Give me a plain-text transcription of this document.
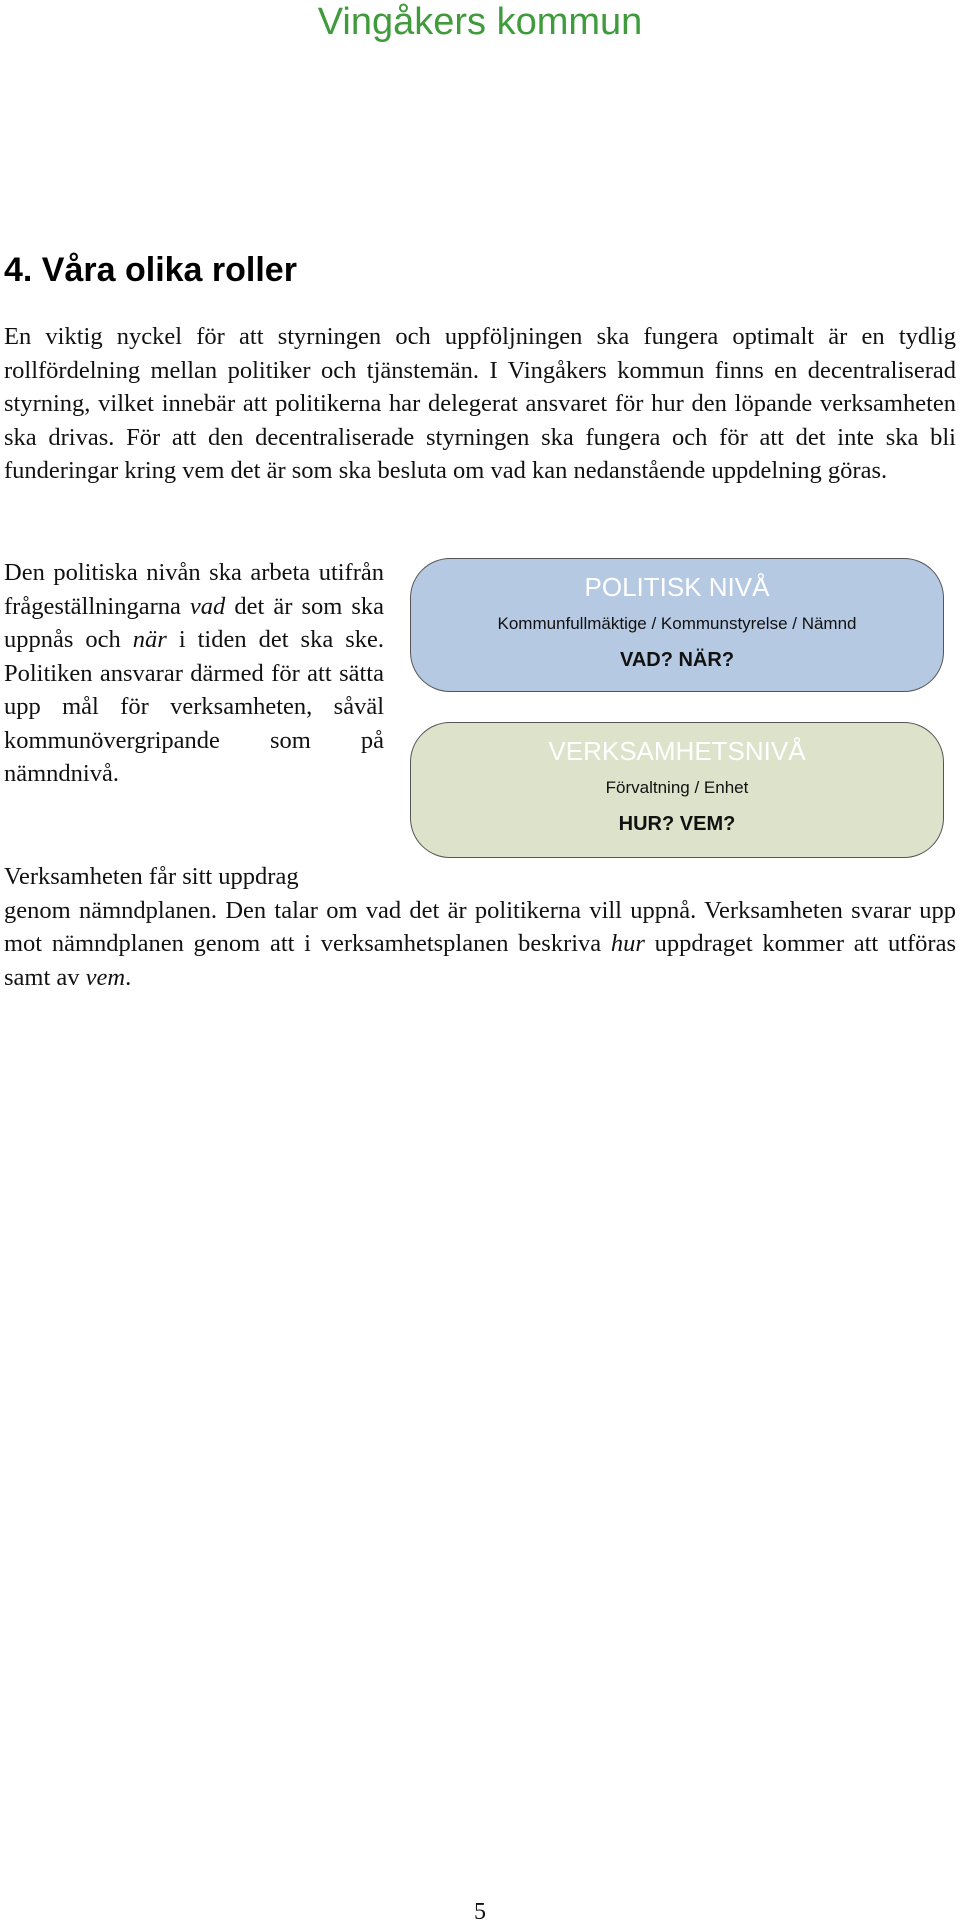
Vingåkers kommun
4. Våra olika roller

En viktig nyckel för att styrningen och uppföljningen ska fungera optimalt är en tydlig rollfördelning mellan politiker och tjänstemän. I Vingåkers kommun finns en decentraliserad styrning, vilket innebär att politikerna har delegerat ansvaret för hur den löpande verksamheten ska drivas. För att den decentraliserade styrningen ska fungera och för att det inte ska bli funderingar kring vem det är som ska besluta om vad kan nedanstående uppdelning göras.

Den politiska nivån ska arbeta utifrån frågeställningarna vad det är som ska uppnås och när i tiden det ska ske. Politiken ansvarar därmed för att sätta upp mål för verksamheten, såväl kommunövergripande som på nämndnivå.

POLITISK NIVÅ
Kommunfullmäktige / Kommunstyrelse / Nämnd
VAD? NÄR?
VERKSAMHETSNIVÅ
Förvaltning / Enhet
HUR? VEM?

Verksamheten får sitt uppdrag
genom nämndplanen. Den talar om vad det är politikerna vill uppnå. Verksamheten svarar upp mot nämndplanen genom att i verksamhetsplanen beskriva hur uppdraget kommer att utföras samt av vem.

5
